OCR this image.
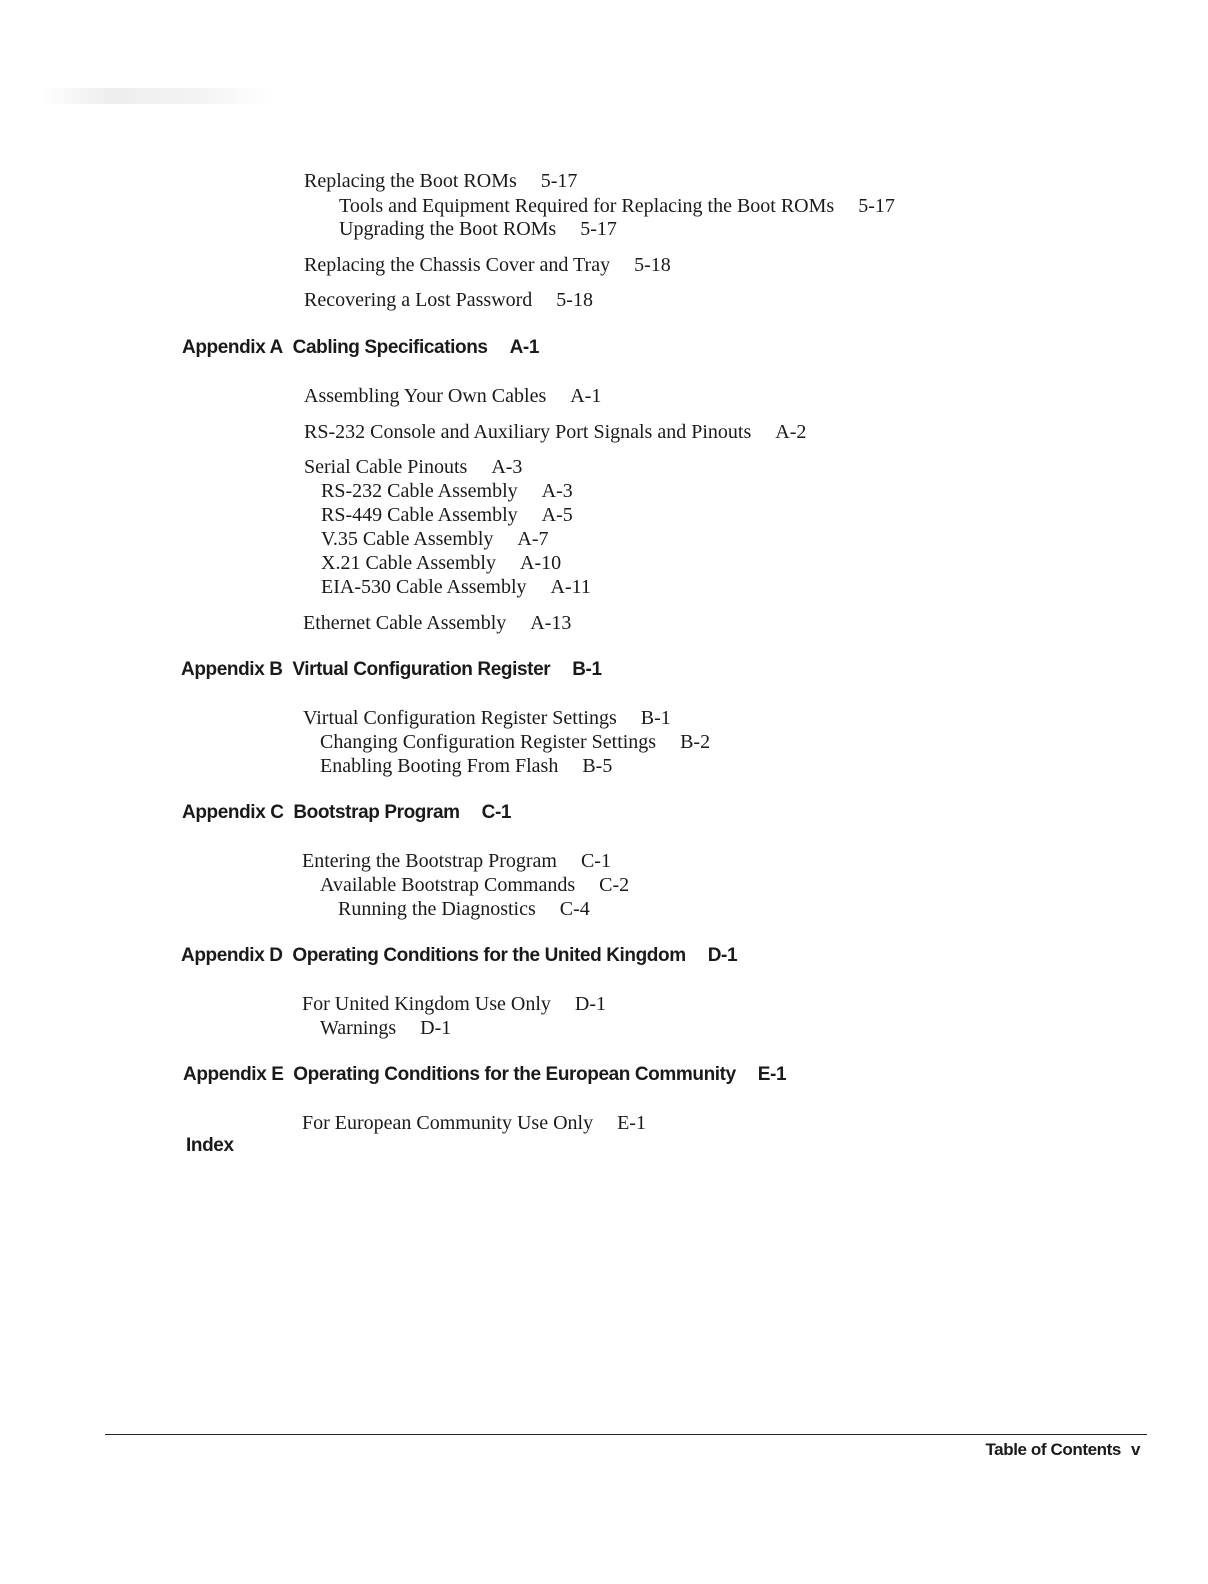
Replacing the Boot ROMs 5-17
Tools and Equipment Required for Replacing the Boot ROMs 5-17
Upgrading the Boot ROMs 5-17
Replacing the Chassis Cover and Tray 5-18
Recovering a Lost Password 5-18
Appendix A Cabling Specifications A-1
Assembling Your Own Cables A-1
RS-232 Console and Auxiliary Port Signals and Pinouts A-2
Serial Cable Pinouts A-3
RS-232 Cable Assembly A-3
RS-449 Cable Assembly A-5
V.35 Cable Assembly A-7
X.21 Cable Assembly A-10
EIA-530 Cable Assembly A-11
Ethernet Cable Assembly A-13
Appendix B Virtual Configuration Register B-1
Virtual Configuration Register Settings B-1
Changing Configuration Register Settings B-2
Enabling Booting From Flash B-5
Appendix C Bootstrap Program C-1
Entering the Bootstrap Program C-1
Available Bootstrap Commands C-2
Running the Diagnostics C-4
Appendix D Operating Conditions for the United Kingdom D-1
For United Kingdom Use Only D-1
Warnings D-1
Appendix E Operating Conditions for the European Community E-1
For European Community Use Only E-1
Index
Table of Contents v
